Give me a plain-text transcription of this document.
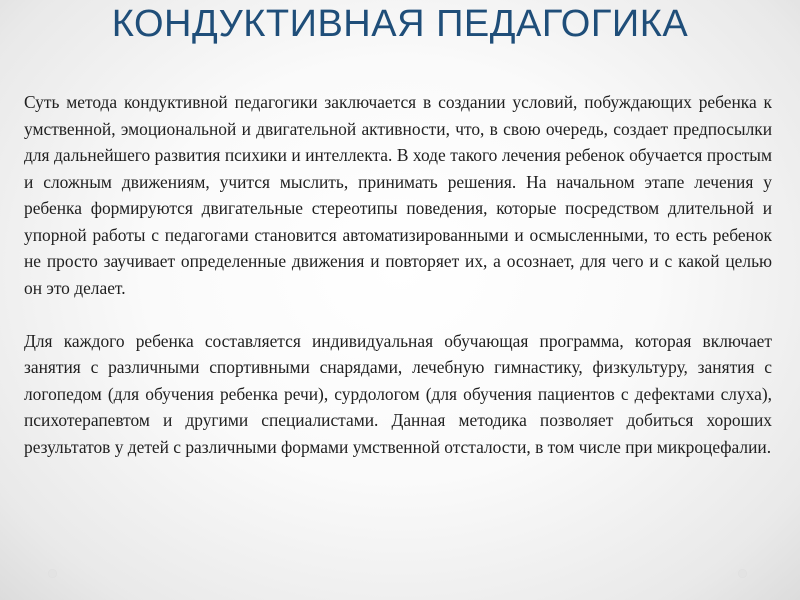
КОНДУКТИВНАЯ ПЕДАГОГИКА

Суть метода кондуктивной педагогики заключается в создании условий, побуждающих ребенка к умственной, эмоциональной и двигательной активности, что, в свою очередь, создает предпосылки для дальнейшего развития психики и интеллекта. В ходе такого лечения ребенок обучается простым и сложным движениям, учится мыслить, принимать решения. На начальном этапе лечения у ребенка формируются двигательные стереотипы поведения, которые посредством длительной и упорной работы с педагогами становится автоматизированными и осмысленными, то есть ребенок не просто заучивает определенные движения и повторяет их, а осознает, для чего и с какой целью он это делает.

Для каждого ребенка составляется индивидуальная обучающая программа, которая включает занятия с различными спортивными снарядами, лечебную гимнастику, физкультуру, занятия с логопедом (для обучения ребенка речи), сурдологом (для обучения пациентов с дефектами слуха), психотерапевтом и другими специалистами. Данная методика позволяет добиться хороших результатов у детей с различными формами умственной отсталости, в том числе при микроцефалии.
